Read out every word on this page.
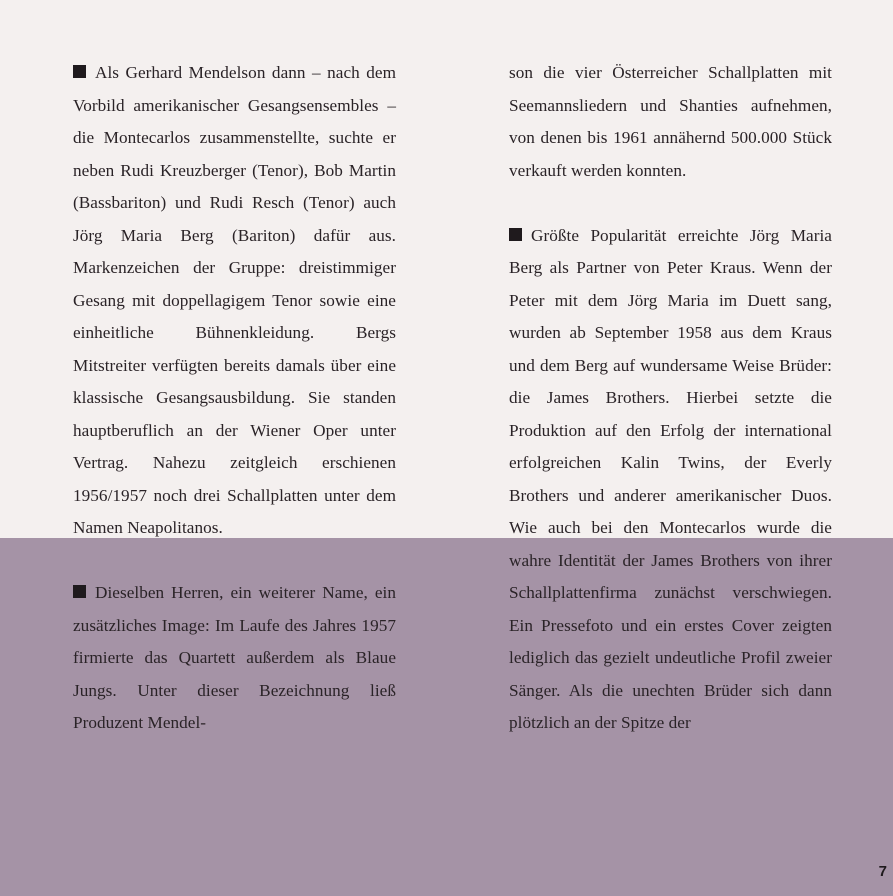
Als Gerhard Mendelson dann – nach dem Vorbild amerikanischer Gesangsensembles – die Montecarlos zusammenstellte, suchte er neben Rudi Kreuzberger (Tenor), Bob Martin (Bassbariton) und Rudi Resch (Tenor) auch Jörg Maria Berg (Bariton) dafür aus. Markenzeichen der Gruppe: dreistimmiger Gesang mit doppellagigem Tenor sowie eine einheitliche Bühnenkleidung. Bergs Mitstreiter verfügten bereits damals über eine klassische Gesangsausbildung. Sie standen hauptberuflich an der Wiener Oper unter Vertrag. Nahezu zeitgleich erschienen 1956/1957 noch drei Schallplatten unter dem Namen Neapolitanos.

Dieselben Herren, ein weiterer Name, ein zusätzliches Image: Im Laufe des Jahres 1957 firmierte das Quartett außerdem als Blaue Jungs. Unter dieser Bezeichnung ließ Produzent Mendel-

son die vier Österreicher Schallplatten mit Seemannsliedern und Shanties aufnehmen, von denen bis 1961 annähernd 500.000 Stück verkauft werden konnten.

Größte Popularität erreichte Jörg Maria Berg als Partner von Peter Kraus. Wenn der Peter mit dem Jörg Maria im Duett sang, wurden ab September 1958 aus dem Kraus und dem Berg auf wundersame Weise Brüder: die James Brothers. Hierbei setzte die Produktion auf den Erfolg der international erfolgreichen Kalin Twins, der Everly Brothers und anderer amerikanischer Duos. Wie auch bei den Montecarlos wurde die wahre Identität der James Brothers von ihrer Schallplattenfirma zunächst verschwiegen. Ein Pressefoto und ein erstes Cover zeigten lediglich das gezielt undeutliche Profil zweier Sänger. Als die unechten Brüder sich dann plötzlich an der Spitze der

7
